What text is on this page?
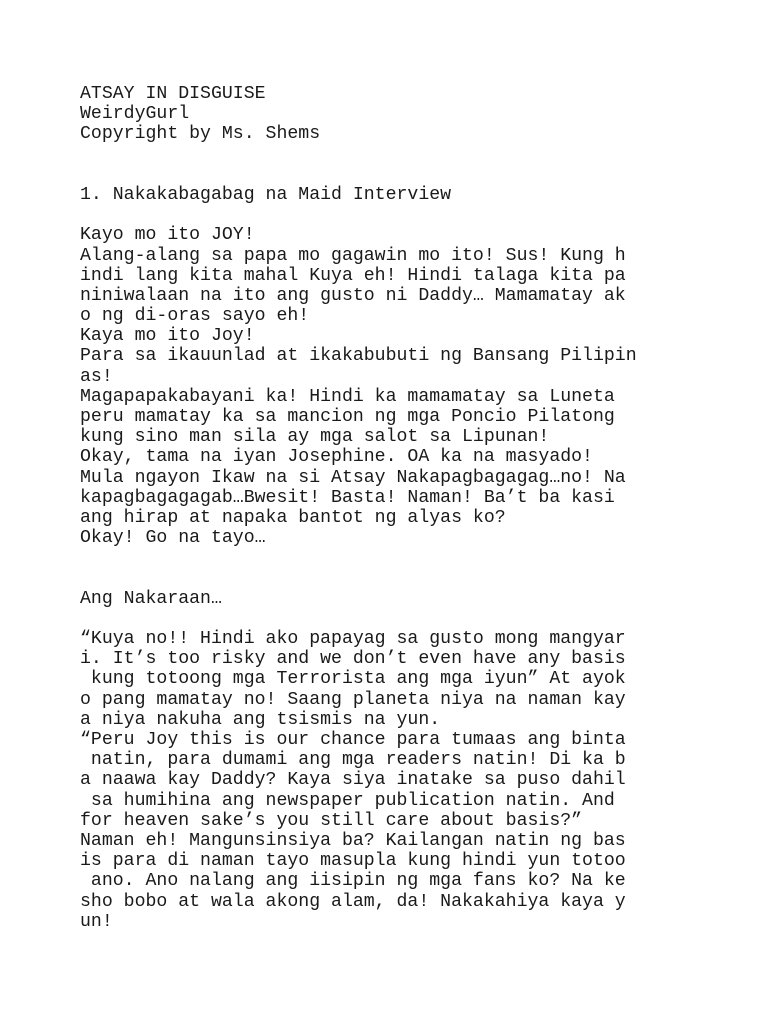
ATSAY IN DISGUISE
WeirdyGurl
Copyright by Ms. Shems
1. Nakakabagabag na Maid Interview
Kayo mo ito JOY!
Alang-alang sa papa mo gagawin mo ito! Sus! Kung h
indi lang kita mahal Kuya eh! Hindi talaga kita pa
niniwalaan na ito ang gusto ni Daddy… Mamamatay ak
o ng di-oras sayo eh!
Kaya mo ito Joy!
Para sa ikauunlad at ikakabubuti ng Bansang Pilipin
as!
Magapapakabayani ka! Hindi ka mamamatay sa Luneta
peru mamatay ka sa mancion ng mga Poncio Pilatong
kung sino man sila ay mga salot sa Lipunan!
Okay, tama na iyan Josephine. OA ka na masyado!
Mula ngayon Ikaw na si Atsay Nakapagbagagag…no! Na
kapagbagagagab…Bwesit! Basta! Naman! Ba’t ba kasi
ang hirap at napaka bantot ng alyas ko?
Okay! Go na tayo…
Ang Nakaraan…
“Kuya no!! Hindi ako papayag sa gusto mong mangyar
i. It’s too risky and we don’t even have any basis
kung totoong mga Terrorista ang mga iyun” At ayok
o pang mamatay no! Saang planeta niya na naman kay
a niya nakuha ang tsismis na yun.
“Peru Joy this is our chance para tumaas ang binta
natin, para dumami ang mga readers natin! Di ka b
a naawa kay Daddy? Kaya siya inatake sa puso dahil
sa humihina ang newspaper publication natin. And
for heaven sake’s you still care about basis?”
Naman eh! Mangunsinsiya ba? Kailangan natin ng bas
is para di naman tayo masupla kung hindi yun totoo
ano. Ano nalang ang iisipin ng mga fans ko? Na ke
sho bobo at wala akong alam, da! Nakakahiya kaya y
un!
